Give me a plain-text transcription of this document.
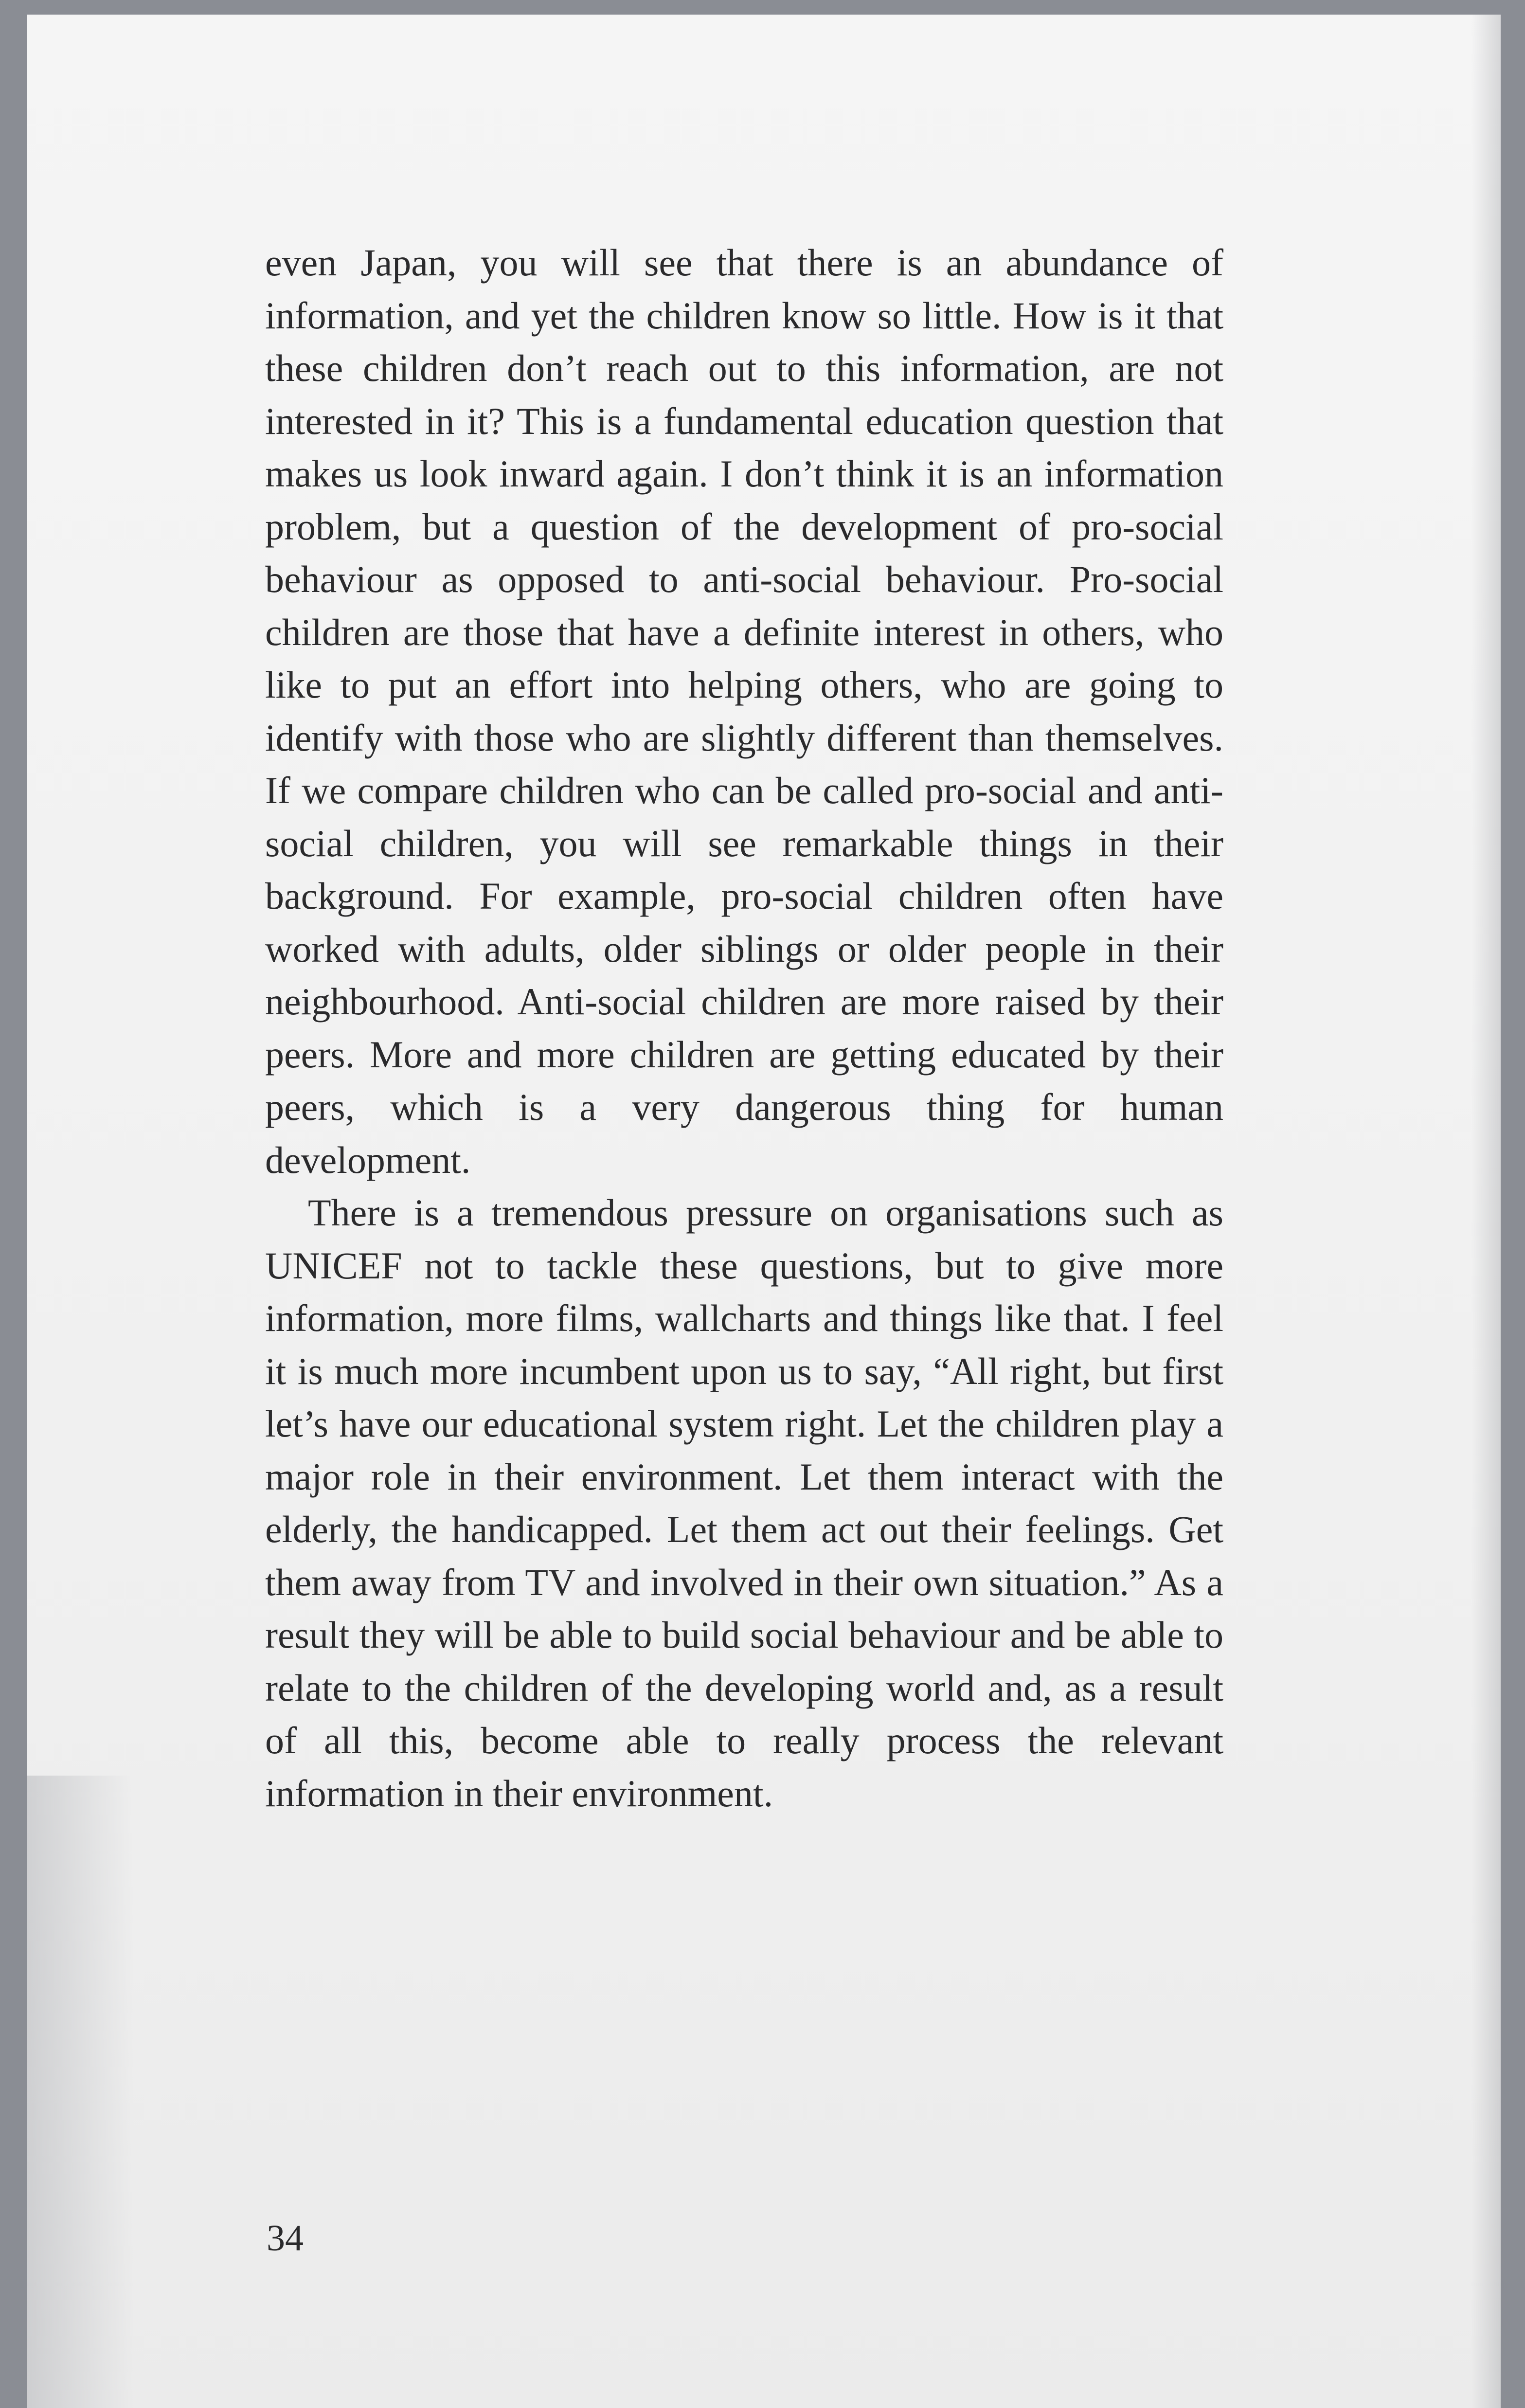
even Japan, you will see that there is an abundance of information, and yet the children know so little. How is it that these children don’t reach out to this information, are not interested in it? This is a fundamental education question that makes us look inward again. I don’t think it is an information problem, but a question of the development of pro-social behaviour as opposed to anti-social behaviour. Pro-social children are those that have a definite interest in others, who like to put an effort into helping others, who are going to identify with those who are slightly different than themselves. If we compare children who can be called pro-social and anti-social children, you will see remarkable things in their background. For example, pro-social children often have worked with adults, older siblings or older people in their neighbourhood. Anti-social children are more raised by their peers. More and more children are getting educated by their peers, which is a very dangerous thing for human development.

There is a tremendous pressure on organisations such as UNICEF not to tackle these questions, but to give more information, more films, wallcharts and things like that. I feel it is much more incumbent upon us to say, “All right, but first let’s have our educational system right. Let the children play a major role in their environment. Let them interact with the elderly, the handicapped. Let them act out their feelings. Get them away from TV and involved in their own situation.” As a result they will be able to build social behaviour and be able to relate to the children of the developing world and, as a result of all this, become able to really process the relevant information in their environment.

34
